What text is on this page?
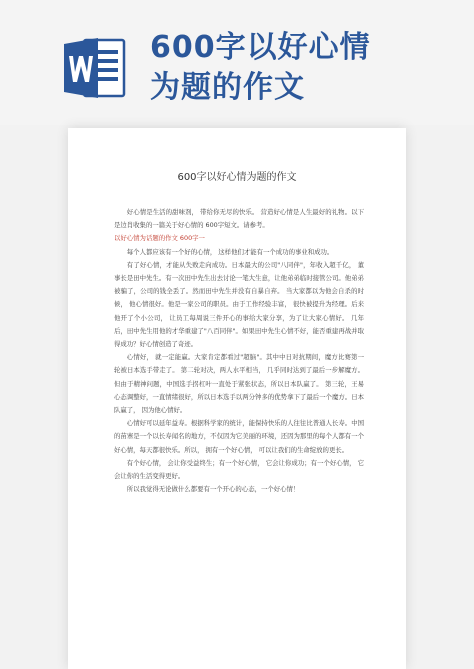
600字以好心情
为题的作文
600字以好心情为题的作文

好心情是生活的甜味剂， 带给你无尽的快乐。 营造好心情是人生最好的礼物。以下是边肖收集的一篇关于好心情的 600字短文。请参考。

以好心情为话题的作文 600字一

每个人都应该有一个好的心情， 这样他们才能有一个成功的事业和成功。

有了好心情，才能从失败走向成功。日本最大的公司"八同伴"，年收入超千亿， 董事长是田中先生。有一次田中先生出去讨论一笔大生意，让他弟弟临时接管公司。他弟弟被骗了，公司的钱全丢了。然而田中先生并没有自暴自弃。 当大家都以为他会自杀的时候， 他心情很好。他是一家公司的职员。由于工作经验丰富， 很快被提升为经理。后来他开了个小公司， 让员工每周说三件开心的事给大家分享，为了让大家心情好。 几年后，田中先生用他的才华重建了"八百同伴"。如果田中先生心情不好，能否重建再战并取得成功？好心情创造了奇迹。

心情好， 就一定能赢。大家肯定都看过"超脑"。其中中日对抗期间，魔方比赛第一轮被日本选手带走了。 第二轮对决，两人水平相当， 几乎同时达到了最后一步解魔方。但由于精神问题，中国选手拐杠叶一直处于紧张状态，所以日本队赢了。 第三轮，王易心态调整好，一直情绪很好，所以日本选手以两分钟多的优势拿下了最后一个魔方。日本队赢了， 因为他心情好。

心情好可以延年益寿。根据科学家的统计，能保持快乐的人往往比普通人长寿。中国的苗寨是一个以长寿闻名的地方，不仅因为它美丽的环境，还因为那里的每个人都有一个好心情，每天都很快乐。所以， 拥有一个好心情， 可以让我们的生命绽放的更长。

有个好心情， 会让你受益终生；有一个好心情， 它会让你成功；有一个好心情， 它会让你的生活变得更好。

所以我觉得无论做什么都要有一个开心的心态，一个好心情！
